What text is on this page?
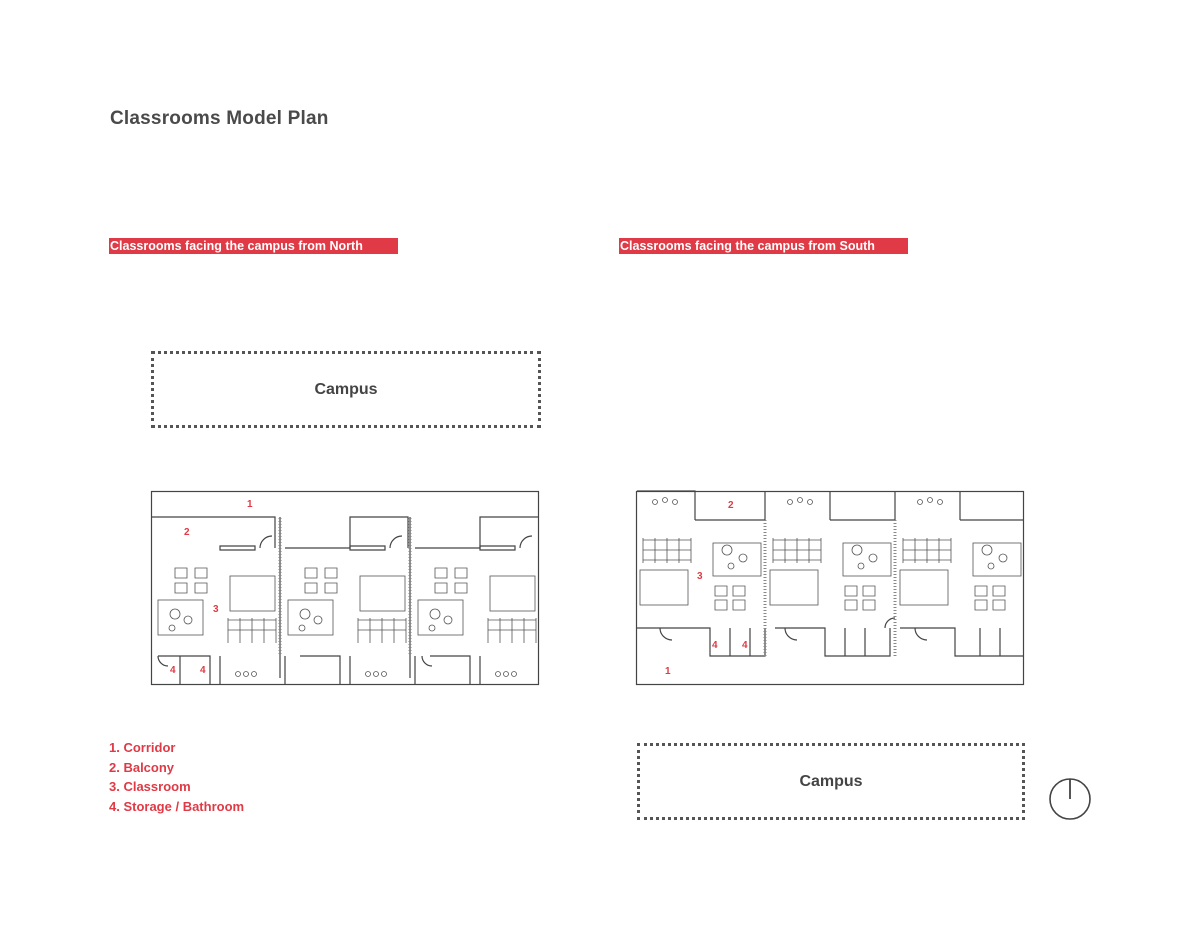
Classrooms Model Plan
Classrooms facing the campus from North	Classrooms facing the campus from South
Campus
1
2
3
4 4
2
3
4 4
1
Campus
1. Corridor
2. Balcony
3. Classroom
4. Storage / Bathroom
